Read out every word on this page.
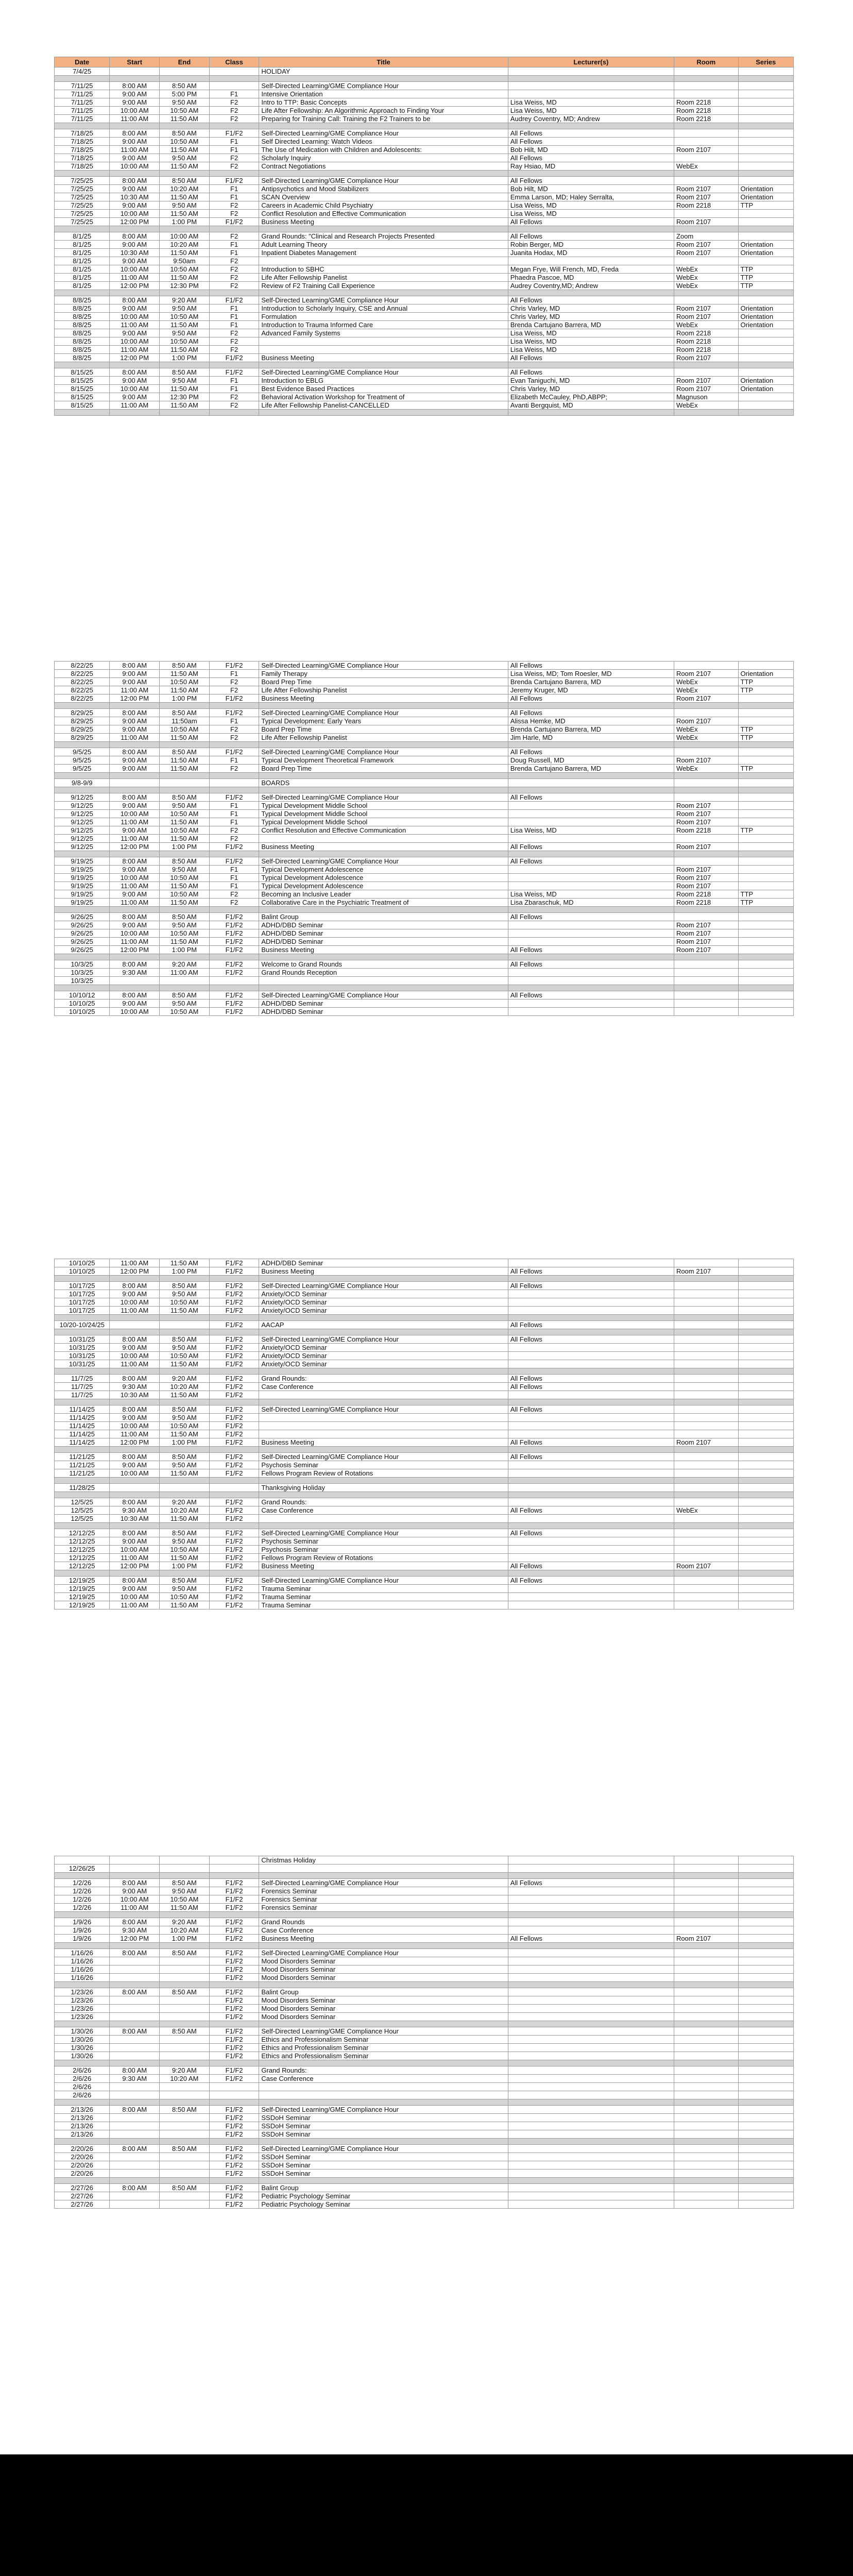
Date	Start	End	Class	Title	Lecturer(s)	Room	Series
7/4/25				HOLIDAY			

7/11/25	8:00 AM	8:50 AM		Self-Directed Learning/GME Compliance Hour			
7/11/25	9:00 AM	5:00 PM	F1	Intensive Orientation			
7/11/25	9:00 AM	9:50 AM	F2	Intro to TTP: Basic Concepts	Lisa Weiss, MD	Room 2218	
7/11/25	10:00 AM	10:50 AM	F2	Life After Fellowship: An Algorithmic Approach to Finding Your	Lisa Weiss, MD	Room 2218	
7/11/25	11:00 AM	11:50 AM	F2	Preparing for Training Call: Training the F2 Trainers to be	Audrey Coventry, MD; Andrew	Room 2218	

7/18/25	8:00 AM	8:50 AM	F1/F2	Self-Directed Learning/GME Compliance Hour	All Fellows		
7/18/25	9:00 AM	10:50 AM	F1	Self Directed Learning: Watch Videos	All Fellows		
7/18/25	11:00 AM	11:50 AM	F1	The Use of Medication with Children and Adolescents:	Bob Hilt, MD	Room 2107	
7/18/25	9:00 AM	9:50 AM	F2	Scholarly Inquiry	All Fellows		
7/18/25	10:00 AM	11:50 AM	F2	Contract Negotiations	Ray Hsiao, MD	WebEx	

7/25/25	8:00 AM	8:50 AM	F1/F2	Self-Directed Learning/GME Compliance Hour	All Fellows		
7/25/25	9:00 AM	10:20 AM	F1	Antipsychotics and Mood Stabilizers	Bob Hilt, MD	Room 2107	Orientation
7/25/25	10:30 AM	11:50 AM	F1	SCAN Overview	Emma Larson, MD; Haley Serralta,	Room 2107	Orientation
7/25/25	9:00 AM	9:50 AM	F2	Careers in Academic Child Psychiatry	Lisa Weiss, MD	Room 2218	TTP
7/25/25	10:00 AM	11:50 AM	F2	Conflict Resolution and Effective Communication	Lisa Weiss, MD		
7/25/25	12:00 PM	1:00 PM	F1/F2	Business Meeting	All Fellows	Room 2107	

8/1/25	8:00 AM	10:00 AM	F2	Grand Rounds: "Clinical and Research Projects Presented	All Fellows	Zoom	
8/1/25	9:00 AM	10:20 AM	F1	Adult Learning Theory	Robin Berger, MD	Room 2107	Orientation
8/1/25	10:30 AM	11:50 AM	F1	Inpatient Diabetes Management	Juanita Hodax, MD	Room 2107	Orientation
8/1/25	9:00 AM	9:50am	F2				
8/1/25	10:00 AM	10:50 AM	F2	Introduction to SBHC	Megan Frye, Will French, MD, Freda	WebEx	TTP
8/1/25	11:00 AM	11:50 AM	F2	Life After Fellowship Panelist	Phaedra Pascoe, MD	WebEx	TTP
8/1/25	12:00 PM	12:30 PM	F2	Review of F2 Training Call Experience	Audrey Coventry,MD; Andrew	WebEx	TTP

8/8/25	8:00 AM	9:20 AM	F1/F2	Self-Directed Learning/GME Compliance Hour	All Fellows		
8/8/25	9:00 AM	9:50 AM	F1	Introduction to Scholarly Inquiry, CSE and Annual	Chris Varley, MD	Room 2107	Orientation
8/8/25	10:00 AM	10:50 AM	F1	Formulation	Chris Varley, MD	Room 2107	Orientation
8/8/25	11:00 AM	11:50 AM	F1	Introduction to Trauma Informed Care	Brenda Cartujano Barrera, MD	WebEx	Orientation
8/8/25	9:00 AM	9:50 AM	F2	Advanced Family Systems	Lisa Weiss, MD	Room 2218	
8/8/25	10:00 AM	10:50 AM	F2		Lisa Weiss, MD	Room 2218	
8/8/25	11:00 AM	11:50 AM	F2		Lisa Weiss, MD	Room 2218	
8/8/25	12:00 PM	1:00 PM	F1/F2	Business Meeting	All Fellows	Room 2107	

8/15/25	8:00 AM	8:50 AM	F1/F2	Self-Directed Learning/GME Compliance Hour	All Fellows		
8/15/25	9:00 AM	9:50 AM	F1	Introduction to EBLG	Evan Taniguchi, MD	Room 2107	Orientation
8/15/25	10:00 AM	11:50 AM	F1	Best Evidence Based Practices	Chris Varley, MD	Room 2107	Orientation
8/15/25	9:00 AM	12:30 PM	F2	Behavioral Activation Workshop for Treatment of	Elizabeth McCauley, PhD,ABPP;	Magnuson	
8/15/25	11:00 AM	11:50 AM	F2	Life After Fellowship Panelist-CANCELLED	Avanti Bergquist, MD	WebEx	

8/22/25	8:00 AM	8:50 AM	F1/F2	Self-Directed Learning/GME Compliance Hour	All Fellows		
8/22/25	9:00 AM	11:50 AM	F1	Family Therapy	Lisa Weiss, MD; Tom Roesler, MD	Room 2107	Orientation
8/22/25	9:00 AM	10:50 AM	F2	Board Prep Time	Brenda Cartujano Barrera, MD	WebEx	TTP
8/22/25	11:00 AM	11:50 AM	F2	Life After Fellowship Panelist	Jeremy Kruger, MD	WebEx	TTP
8/22/25	12:00 PM	1:00 PM	F1/F2	Business Meeting	All Fellows	Room 2107	

8/29/25	8:00 AM	8:50 AM	F1/F2	Self-Directed Learning/GME Compliance Hour	All Fellows		
8/29/25	9:00 AM	11:50am	F1	Typical Development: Early Years	Alissa Hemke, MD	Room 2107	
8/29/25	9:00 AM	10:50 AM	F2	Board Prep Time	Brenda Cartujano Barrera, MD	WebEx	TTP
8/29/25	11:00 AM	11:50 AM	F2	Life After Fellowship Panelist	Jim Harle, MD	WebEx	TTP

9/5/25	8:00 AM	8:50 AM	F1/F2	Self-Directed Learning/GME Compliance Hour	All Fellows		
9/5/25	9:00 AM	11:50 AM	F1	Typical Development Theoretical Framework	Doug Russell, MD	Room 2107	
9/5/25	9:00 AM	11:50 AM	F2	Board Prep Time	Brenda Cartujano Barrera, MD	WebEx	TTP

9/8-9/9				BOARDS			

9/12/25	8:00 AM	8:50 AM	F1/F2	Self-Directed Learning/GME Compliance Hour	All Fellows		
9/12/25	9:00 AM	9:50 AM	F1	Typical Development Middle School		Room 2107	
9/12/25	10:00 AM	10:50 AM	F1	Typical Development Middle School		Room 2107	
9/12/25	11:00 AM	11:50 AM	F1	Typical Development Middle School		Room 2107	
9/12/25	9:00 AM	10:50 AM	F2	Conflict Resolution and Effective Communication	Lisa Weiss, MD	Room 2218	TTP
9/12/25	11:00 AM	11:50 AM	F2				
9/12/25	12:00 PM	1:00 PM	F1/F2	Business Meeting	All Fellows	Room 2107	

9/19/25	8:00 AM	8:50 AM	F1/F2	Self-Directed Learning/GME Compliance Hour	All Fellows		
9/19/25	9:00 AM	9:50 AM	F1	Typical Development Adolescence		Room 2107	
9/19/25	10:00 AM	10:50 AM	F1	Typical Development Adolescence		Room 2107	
9/19/25	11:00 AM	11:50 AM	F1	Typical Development Adolescence		Room 2107	
9/19/25	9:00 AM	10:50 AM	F2	Becoming an Inclusive Leader	Lisa Weiss, MD	Room 2218	TTP
9/19/25	11:00 AM	11:50 AM	F2	Collaborative Care in the Psychiatric Treatment of	Lisa Zbaraschuk, MD	Room 2218	TTP

9/26/25	8:00 AM	8:50 AM	F1/F2	Balint Group	All Fellows		
9/26/25	9:00 AM	9:50 AM	F1/F2	ADHD/DBD Seminar		Room 2107	
9/26/25	10:00 AM	10:50 AM	F1/F2	ADHD/DBD Seminar		Room 2107	
9/26/25	11:00 AM	11:50 AM	F1/F2	ADHD/DBD Seminar		Room 2107	
9/26/25	12:00 PM	1:00 PM	F1/F2	Business Meeting	All Fellows	Room 2107	

10/3/25	8:00 AM	9:20 AM	F1/F2	Welcome to Grand Rounds	All Fellows		
10/3/25	9:30 AM	11:00 AM	F1/F2	Grand Rounds Reception			
10/3/25							

10/10/12	8:00 AM	8:50 AM	F1/F2	Self-Directed Learning/GME Compliance Hour	All Fellows		
10/10/25	9:00 AM	9:50 AM	F1/F2	ADHD/DBD Seminar			
10/10/25	10:00 AM	10:50 AM	F1/F2	ADHD/DBD Seminar			
10/10/25	11:00 AM	11:50 AM	F1/F2	ADHD/DBD Seminar			
10/10/25	12:00 PM	1:00 PM	F1/F2	Business Meeting	All Fellows	Room 2107	

10/17/25	8:00 AM	8:50 AM	F1/F2	Self-Directed Learning/GME Compliance Hour	All Fellows		
10/17/25	9:00 AM	9:50 AM	F1/F2	Anxiety/OCD Seminar			
10/17/25	10:00 AM	10:50 AM	F1/F2	Anxiety/OCD Seminar			
10/17/25	11:00 AM	11:50 AM	F1/F2	Anxiety/OCD Seminar			

10/20-10/24/25			F1/F2	AACAP	All Fellows		

10/31/25	8:00 AM	8:50 AM	F1/F2	Self-Directed Learning/GME Compliance Hour	All Fellows		
10/31/25	9:00 AM	9:50 AM	F1/F2	Anxiety/OCD Seminar			
10/31/25	10:00 AM	10:50 AM	F1/F2	Anxiety/OCD Seminar			
10/31/25	11:00 AM	11:50 AM	F1/F2	Anxiety/OCD Seminar			

11/7/25	8:00 AM	9:20 AM	F1/F2	Grand Rounds:	All Fellows		
11/7/25	9:30 AM	10:20 AM	F1/F2	Case Conference	All Fellows		
11/7/25	10:30 AM	11:50 AM	F1/F2				

11/14/25	8:00 AM	8:50 AM	F1/F2	Self-Directed Learning/GME Compliance Hour	All Fellows		
11/14/25	9:00 AM	9:50 AM	F1/F2				
11/14/25	10:00 AM	10:50 AM	F1/F2				
11/14/25	11:00 AM	11:50 AM	F1/F2				
11/14/25	12:00 PM	1:00 PM	F1/F2	Business Meeting	All Fellows	Room 2107	

11/21/25	8:00 AM	8:50 AM	F1/F2	Self-Directed Learning/GME Compliance Hour	All Fellows		
11/21/25	9:00 AM	9:50 AM	F1/F2	Psychosis Seminar			
11/21/25	10:00 AM	11:50 AM	F1/F2	Fellows Program Review of Rotations			

11/28/25				Thanksgiving Holiday			

12/5/25	8:00 AM	9:20 AM	F1/F2	Grand Rounds:			
12/5/25	9:30 AM	10:20 AM	F1/F2	Case Conference	All Fellows	WebEx	
12/5/25	10:30 AM	11:50 AM	F1/F2				

12/12/25	8:00 AM	8:50 AM	F1/F2	Self-Directed Learning/GME Compliance Hour	All Fellows		
12/12/25	9:00 AM	9:50 AM	F1/F2	Psychosis Seminar			
12/12/25	10:00 AM	10:50 AM	F1/F2	Psychosis Seminar			
12/12/25	11:00 AM	11:50 AM	F1/F2	Fellows Program Review of Rotations			
12/12/25	12:00 PM	1:00 PM	F1/F2	Business Meeting	All Fellows	Room 2107	

12/19/25	8:00 AM	8:50 AM	F1/F2	Self-Directed Learning/GME Compliance Hour	All Fellows		
12/19/25	9:00 AM	9:50 AM	F1/F2	Trauma Seminar			
12/19/25	10:00 AM	10:50 AM	F1/F2	Trauma Seminar			
12/19/25	11:00 AM	11:50 AM	F1/F2	Trauma Seminar			
				Christmas Holiday			
12/26/25							

1/2/26	8:00 AM	8:50 AM	F1/F2	Self-Directed Learning/GME Compliance Hour	All Fellows		
1/2/26	9:00 AM	9:50 AM	F1/F2	Forensics Seminar			
1/2/26	10:00 AM	10:50 AM	F1/F2	Forensics Seminar			
1/2/26	11:00 AM	11:50 AM	F1/F2	Forensics Seminar			

1/9/26	8:00 AM	9:20 AM	F1/F2	Grand Rounds			
1/9/26	9:30 AM	10:20 AM	F1/F2	Case Conference			
1/9/26	12:00 PM	1:00 PM	F1/F2	Business Meeting	All Fellows	Room 2107	

1/16/26	8:00 AM	8:50 AM	F1/F2	Self-Directed Learning/GME Compliance Hour			
1/16/26			F1/F2	Mood Disorders Seminar			
1/16/26			F1/F2	Mood Disorders Seminar			
1/16/26			F1/F2	Mood Disorders Seminar			

1/23/26	8:00 AM	8:50 AM	F1/F2	Balint Group			
1/23/26			F1/F2	Mood Disorders Seminar			
1/23/26			F1/F2	Mood Disorders Seminar			
1/23/26			F1/F2	Mood Disorders Seminar			

1/30/26	8:00 AM	8:50 AM	F1/F2	Self-Directed Learning/GME Compliance Hour			
1/30/26			F1/F2	Ethics and Professionalism Seminar			
1/30/26			F1/F2	Ethics and Professionalism Seminar			
1/30/26			F1/F2	Ethics and Professionalism Seminar			

2/6/26	8:00 AM	9:20 AM	F1/F2	Grand Rounds:			
2/6/26	9:30 AM	10:20 AM	F1/F2	Case Conference			
2/6/26							
2/6/26							

2/13/26	8:00 AM	8:50 AM	F1/F2	Self-Directed Learning/GME Compliance Hour			
2/13/26			F1/F2	SSDoH Seminar			
2/13/26			F1/F2	SSDoH Seminar			
2/13/26			F1/F2	SSDoH Seminar			

2/20/26	8:00 AM	8:50 AM	F1/F2	Self-Directed Learning/GME Compliance Hour			
2/20/26			F1/F2	SSDoH Seminar			
2/20/26			F1/F2	SSDoH Seminar			
2/20/26			F1/F2	SSDoH Seminar			

2/27/26	8:00 AM	8:50 AM	F1/F2	Balint Group			
2/27/26			F1/F2	Pediatric Psychology Seminar			
2/27/26			F1/F2	Pediatric Psychology Seminar			
